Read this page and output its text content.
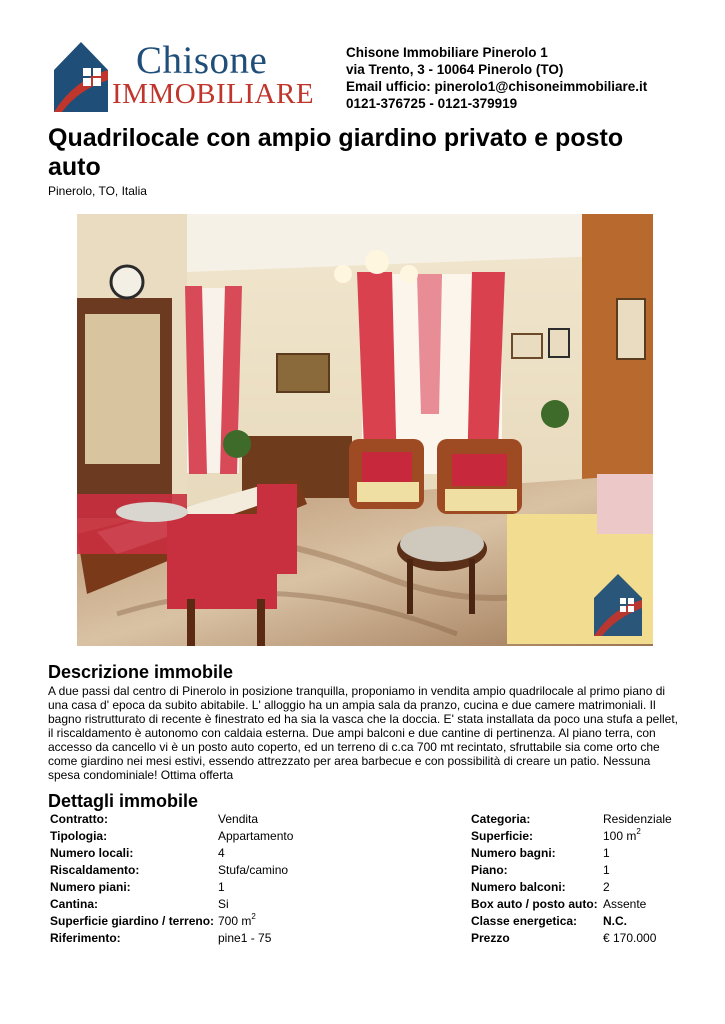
Chisone
IMMOBILIARE
Chisone Immobiliare Pinerolo 1
via Trento, 3 - 10064 Pinerolo (TO)
Email ufficio: pinerolo1@chisoneimmobiliare.it
0121-376725 - 0121-379919
Quadrilocale con ampio giardino privato e posto auto
Pinerolo, TO, Italia
Descrizione immobile

A due passi dal centro di Pinerolo in posizione tranquilla, proponiamo in vendita ampio quadrilocale al primo piano di una casa d' epoca da subito abitabile. L' alloggio ha un ampia sala da pranzo, cucina e due camere matrimoniali. Il bagno ristrutturato di recente è finestrato ed ha sia la vasca che la doccia. E' stata installata da poco una stufa a pellet, il riscaldamento è autonomo con caldaia esterna. Due ampi balconi e due cantine di pertinenza. Al piano terra, con accesso da cancello vi è un posto auto coperto, ed un terreno di c.ca 700 mt recintato, sfruttabile sia come orto che come giardino nei mesi estivi, essendo attrezzato per area barbecue e con possibilità di creare un patio. Nessuna spesa condominiale! Ottima offerta

Dettagli immobile
Contratto:	Vendita	Categoria:	Residenziale
Tipologia:	Appartamento	Superficie:	100 $m^2$
Numero locali:	4	Numero bagni:	1
Riscaldamento:	Stufa/camino	Piano:	1
Numero piani:	1	Numero balconi:	2
Cantina:	Si	Box auto / posto auto: Assente
Superficie giardino / terreno: 700 $m^2$	Classe energetica: N.C.
Riferimento:	pine1 - 75	Prezzo	€ 170.000
